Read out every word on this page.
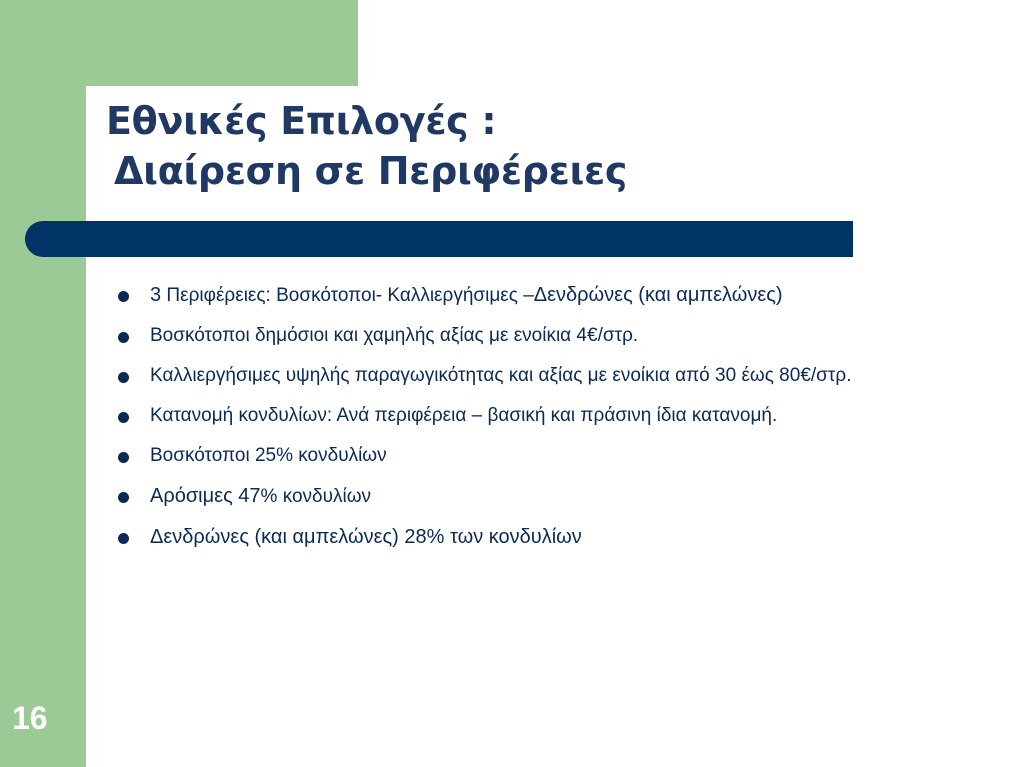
Εθνικές Επιλογές :
Διαίρεση σε Περιφέρειες
3 Περιφέρειες: Βοσκότοποι- Καλλιεργήσιμες –Δενδρώνες (και αμπελώνες)
Βοσκότοποι δημόσιοι και χαμηλής αξίας με ενοίκια 4€/στρ.
Καλλιεργήσιμες υψηλής παραγωγικότητας και αξίας με ενοίκια από 30 έως 80€/στρ.
Κατανομή κονδυλίων: Ανά περιφέρεια – βασική και πράσινη ίδια κατανομή.
Βοσκότοποι 25% κονδυλίων
Αρόσιμες 47% κονδυλίων
Δενδρώνες (και αμπελώνες) 28% των κονδυλίων
16
